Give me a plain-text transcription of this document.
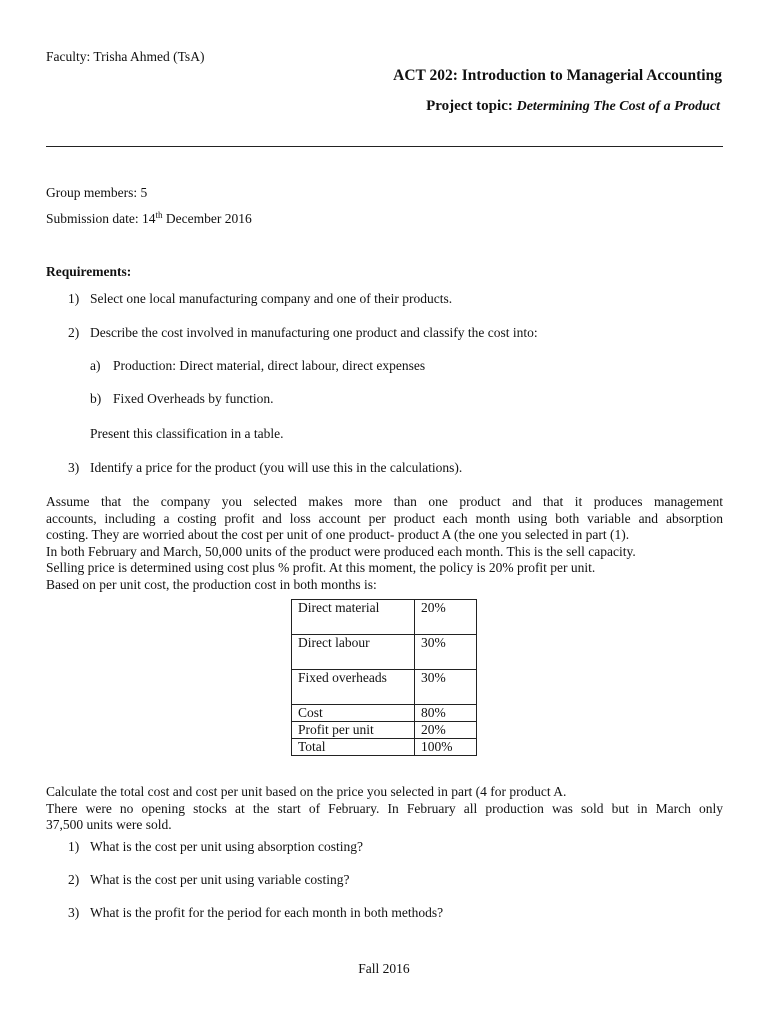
Faculty: Trisha Ahmed (TsA)
ACT 202: Introduction to Managerial Accounting
Project topic: Determining The Cost of a Product
Group members: 5
Submission date: 14th December 2016
Requirements:
1) Select one local manufacturing company and one of their products.
2) Describe the cost involved in manufacturing one product and classify the cost into:
a) Production: Direct material, direct labour, direct expenses
b) Fixed Overheads by function.
Present this classification in a table.
3) Identify a price for the product (you will use this in the calculations).
Assume that the company you selected makes more than one product and that it produces management
accounts, including a costing profit and loss account per product each month using both variable and absorption
costing. They are worried about the cost per unit of one product- product A (the one you selected in part (1).
In both February and March, 50,000 units of the product were produced each month. This is the sell capacity.
Selling price is determined using cost plus % profit. At this moment, the policy is 20% profit per unit.
Based on per unit cost, the production cost in both months is:
Direct material	20%
Direct labour	30%
Fixed overheads	30%
Cost	80%
Profit per unit	20%
Total	100%
Calculate the total cost and cost per unit based on the price you selected in part (4 for product A.
There were no opening stocks at the start of February. In February all production was sold but in March only
37,500 units were sold.
1) What is the cost per unit using absorption costing?
2) What is the cost per unit using variable costing?
3) What is the profit for the period for each month in both methods?
Fall 2016
